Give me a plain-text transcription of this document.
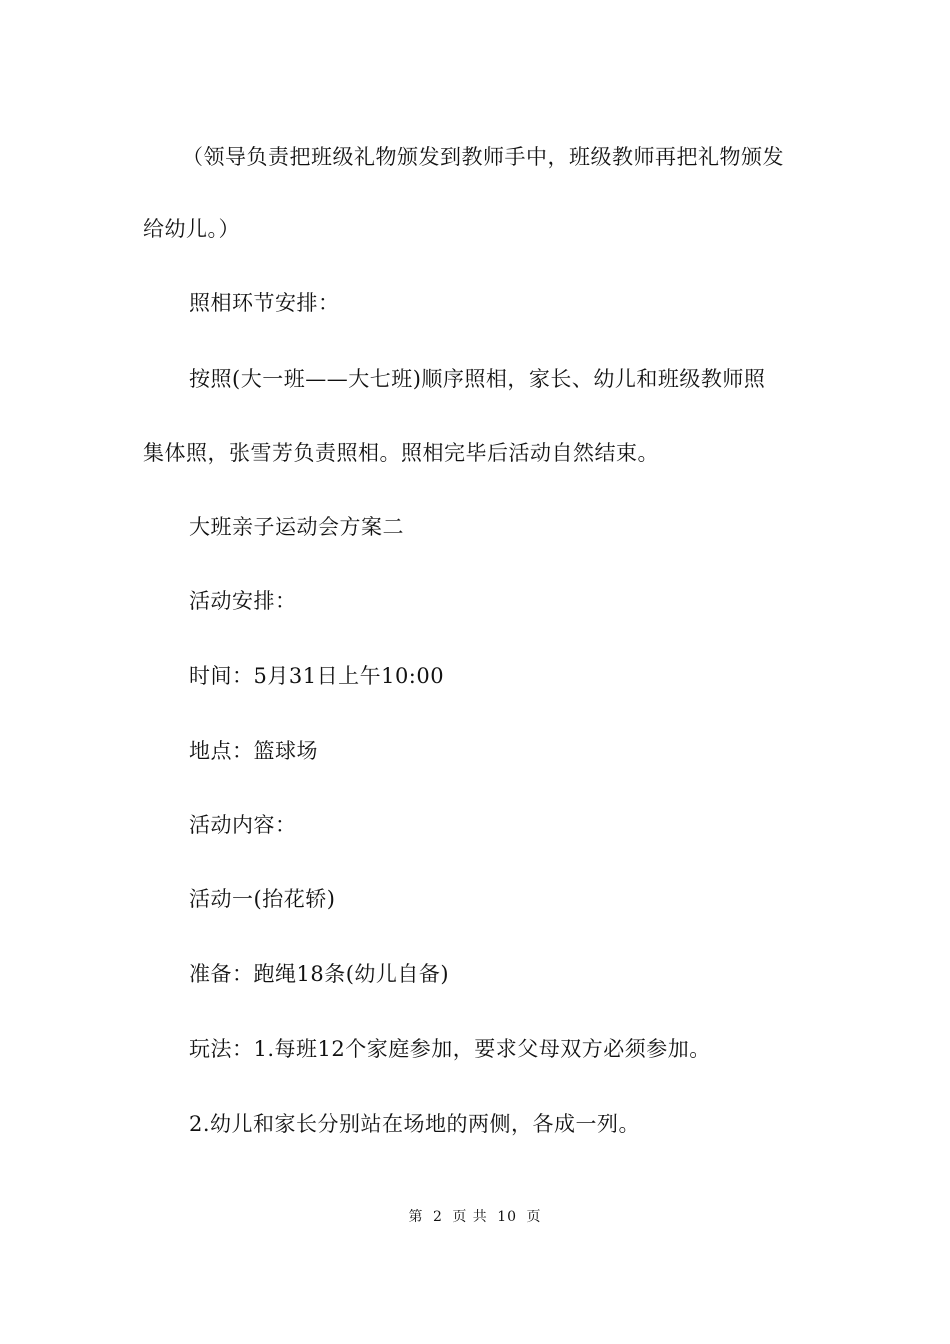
（领导负责把班级礼物颁发到教师手中，班级教师再把礼物颁发
给幼儿。）
照相环节安排：
按照(大一班——大七班)顺序照相，家长、幼儿和班级教师照
集体照，张雪芳负责照相。照相完毕后活动自然结束。
大班亲子运动会方案二
活动安排：
时间：5月31日上午10:00
地点：篮球场
活动内容：
活动一(抬花轿)
准备：跑绳18条(幼儿自备)
玩法：1.每班12个家庭参加，要求父母双方必须参加。
2.幼儿和家长分别站在场地的两侧，各成一列。
第 2 页 共 10 页
